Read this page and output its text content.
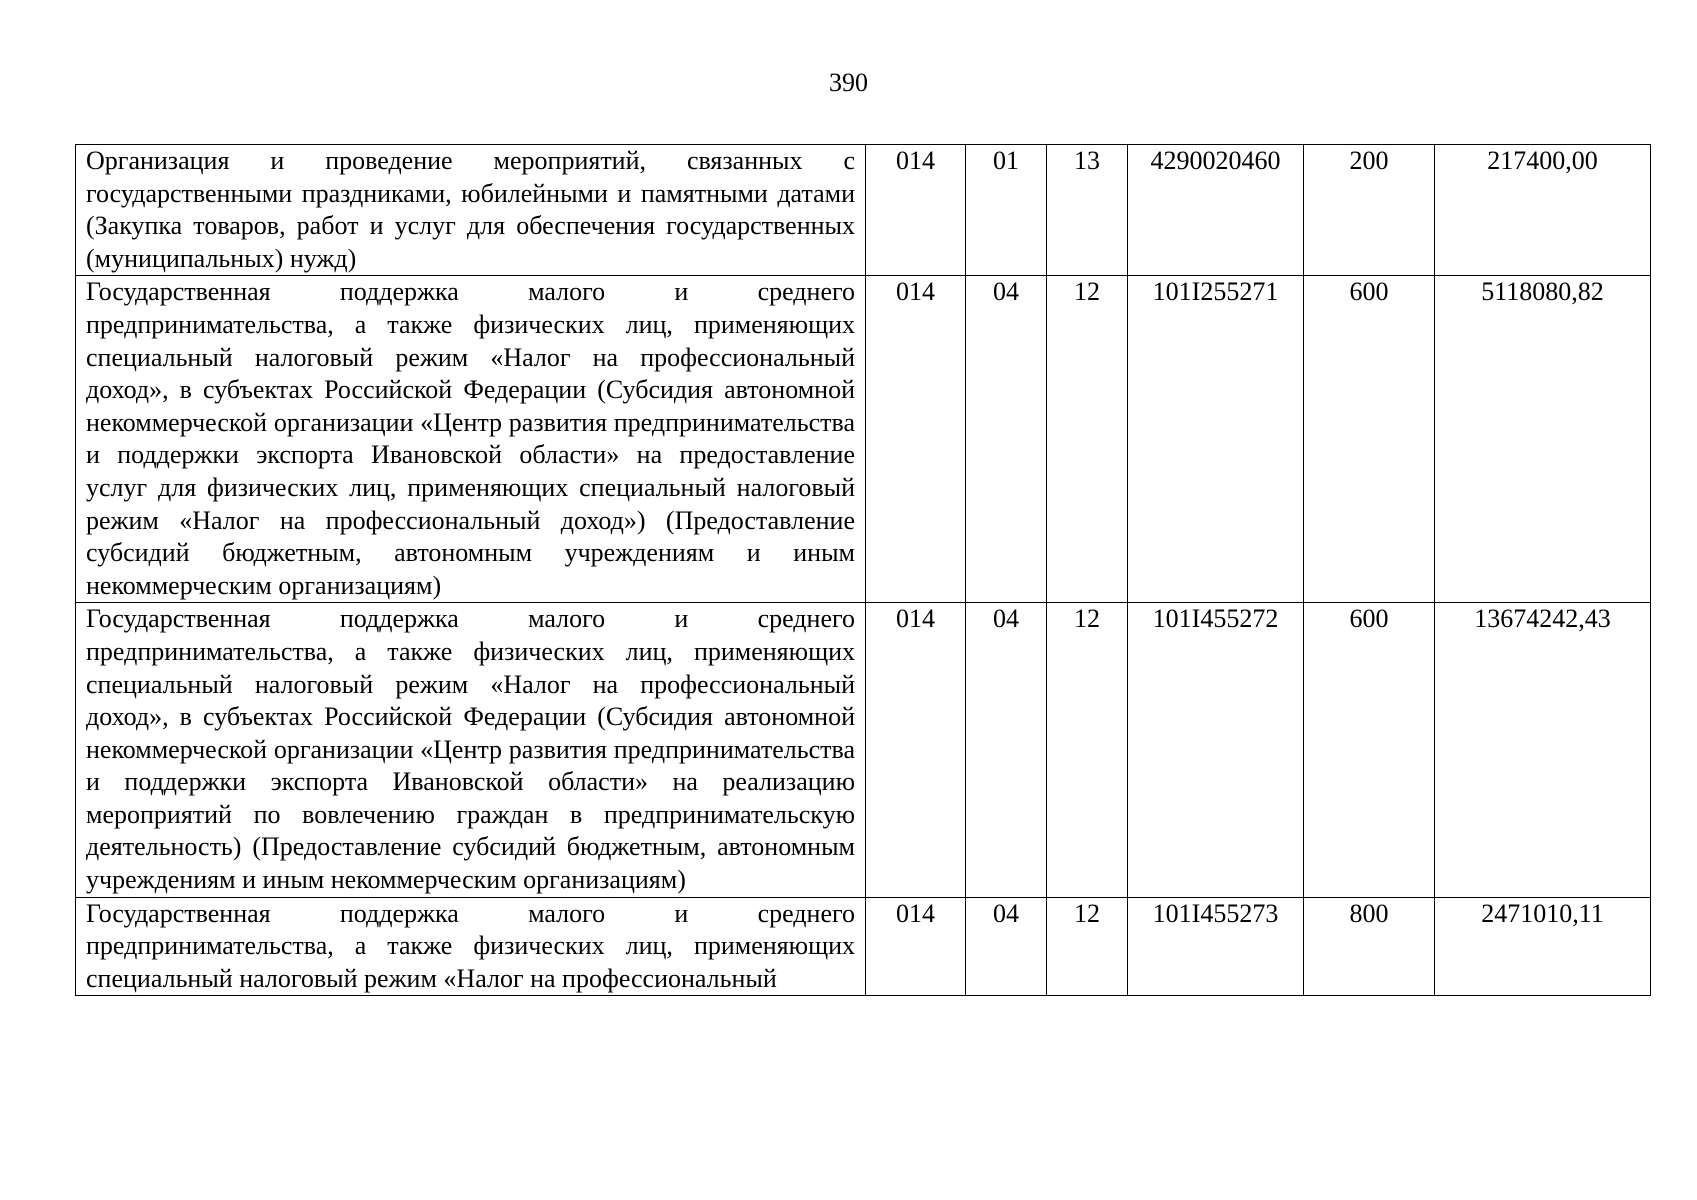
390
Организация и проведение мероприятий, связанных с государственными праздниками, юбилейными и памятными датами (Закупка товаров, работ и услуг для обеспечения государственных (муниципальных) нужд)	014	01	13	4290020460	200	217400,00
Государственная поддержка малого и среднего предпринимательства, а также физических лиц, применяющих специальный налоговый режим «Налог на профессиональный доход», в субъектах Российской Федерации (Субсидия автономной некоммерческой организации «Центр развития предпринимательства и поддержки экспорта Ивановской области» на предоставление услуг для физических лиц, применяющих специальный налоговый режим «Налог на профессиональный доход») (Предоставление субсидий бюджетным, автономным учреждениям и иным некоммерческим организациям)	014	04	12	101I255271	600	5118080,82
Государственная поддержка малого и среднего предпринимательства, а также физических лиц, применяющих специальный налоговый режим «Налог на профессиональный доход», в субъектах Российской Федерации (Субсидия автономной некоммерческой организации «Центр развития предпринимательства и поддержки экспорта Ивановской области» на реализацию мероприятий по вовлечению граждан в предпринимательскую деятельность) (Предоставление субсидий бюджетным, автономным учреждениям и иным некоммерческим организациям)	014	04	12	101I455272	600	13674242,43
Государственная поддержка малого и среднего предпринимательства, а также физических лиц, применяющих специальный налоговый режим «Налог на профессиональный	014	04	12	101I455273	800	2471010,11
